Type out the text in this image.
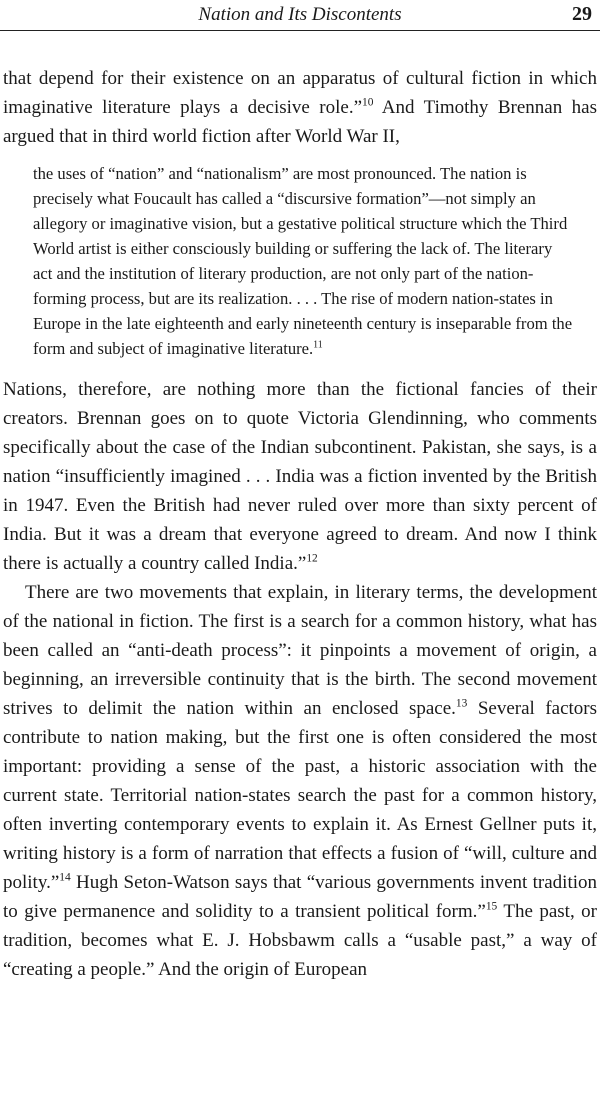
Nation and Its Discontents	29

that depend for their existence on an apparatus of cultural fiction in which imaginative literature plays a decisive role.”$^{10}$ And Timothy Brennan has argued that in third world fiction after World War II,

the uses of “nation” and “nationalism” are most pronounced. The nation is precisely what Foucault has called a “discursive formation”—not simply an allegory or imaginative vision, but a gestative political structure which the Third World artist is either consciously building or suffering the lack of. The literary act and the institution of literary production, are not only part of the nation-forming process, but are its realization. . . . The rise of modern nation-states in Europe in the late eighteenth and early nineteenth century is inseparable from the form and subject of imaginative literature.$^{11}$

Nations, therefore, are nothing more than the fictional fancies of their creators. Brennan goes on to quote Victoria Glendinning, who comments specifically about the case of the Indian subcontinent. Pakistan, she says, is a nation “insufficiently imagined . . . India was a fiction invented by the British in 1947. Even the British had never ruled over more than sixty percent of India. But it was a dream that everyone agreed to dream. And now I think there is actually a country called India.”$^{12}$

There are two movements that explain, in literary terms, the development of the national in fiction. The first is a search for a common history, what has been called an “anti-death process”: it pinpoints a movement of origin, a beginning, an irreversible continuity that is the birth. The second movement strives to delimit the nation within an enclosed space.$^{13}$ Several factors contribute to nation making, but the first one is often considered the most important: providing a sense of the past, a historic association with the current state. Territorial nation-states search the past for a common history, often inverting contemporary events to explain it. As Ernest Gellner puts it, writing history is a form of narration that effects a fusion of “will, culture and polity.”$^{14}$ Hugh Seton-Watson says that “various governments invent tradition to give permanence and solidity to a transient political form.”$^{15}$ The past, or tradition, becomes what E. J. Hobsbawm calls a “usable past,” a way of “creating a people.” And the origin of European
